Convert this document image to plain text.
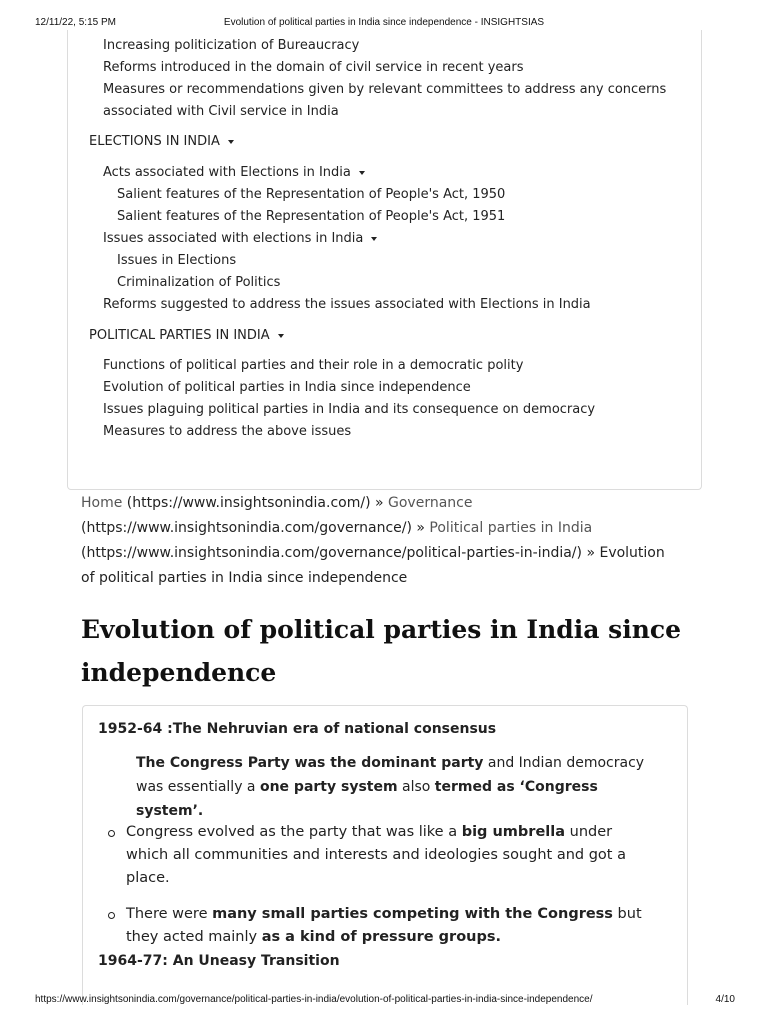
12/11/22, 5:15 PM	Evolution of political parties in India since independence - INSIGHTSIAS
Increasing politicization of Bureaucracy
Reforms introduced in the domain of civil service in recent years
Measures or recommendations given by relevant committees to address any concerns
associated with Civil service in India
ELECTIONS IN INDIA
Acts associated with Elections in India
Salient features of the Representation of People's Act, 1950
Salient features of the Representation of People's Act, 1951
Issues associated with elections in India
Issues in Elections
Criminalization of Politics
Reforms suggested to address the issues associated with Elections in India
POLITICAL PARTIES IN INDIA
Functions of political parties and their role in a democratic polity
Evolution of political parties in India since independence
Issues plaguing political parties in India and its consequence on democracy
Measures to address the above issues
Home (https://www.insightsonindia.com/) » Governance
(https://www.insightsonindia.com/governance/) » Political parties in India
(https://www.insightsonindia.com/governance/political-parties-in-india/) » Evolution of political parties in India since independence
Evolution of political parties in India since independence
1952-64 :The Nehruvian era of national consensus
The Congress Party was the dominant party and Indian democracy was essentially a one party system also termed as ‘Congress system’.
Congress evolved as the party that was like a big umbrella under which all communities and interests and ideologies sought and got a place.
There were many small parties competing with the Congress but they acted mainly as a kind of pressure groups.
1964-77: An Uneasy Transition
https://www.insightsonindia.com/governance/political-parties-in-india/evolution-of-political-parties-in-india-since-independence/	4/10
